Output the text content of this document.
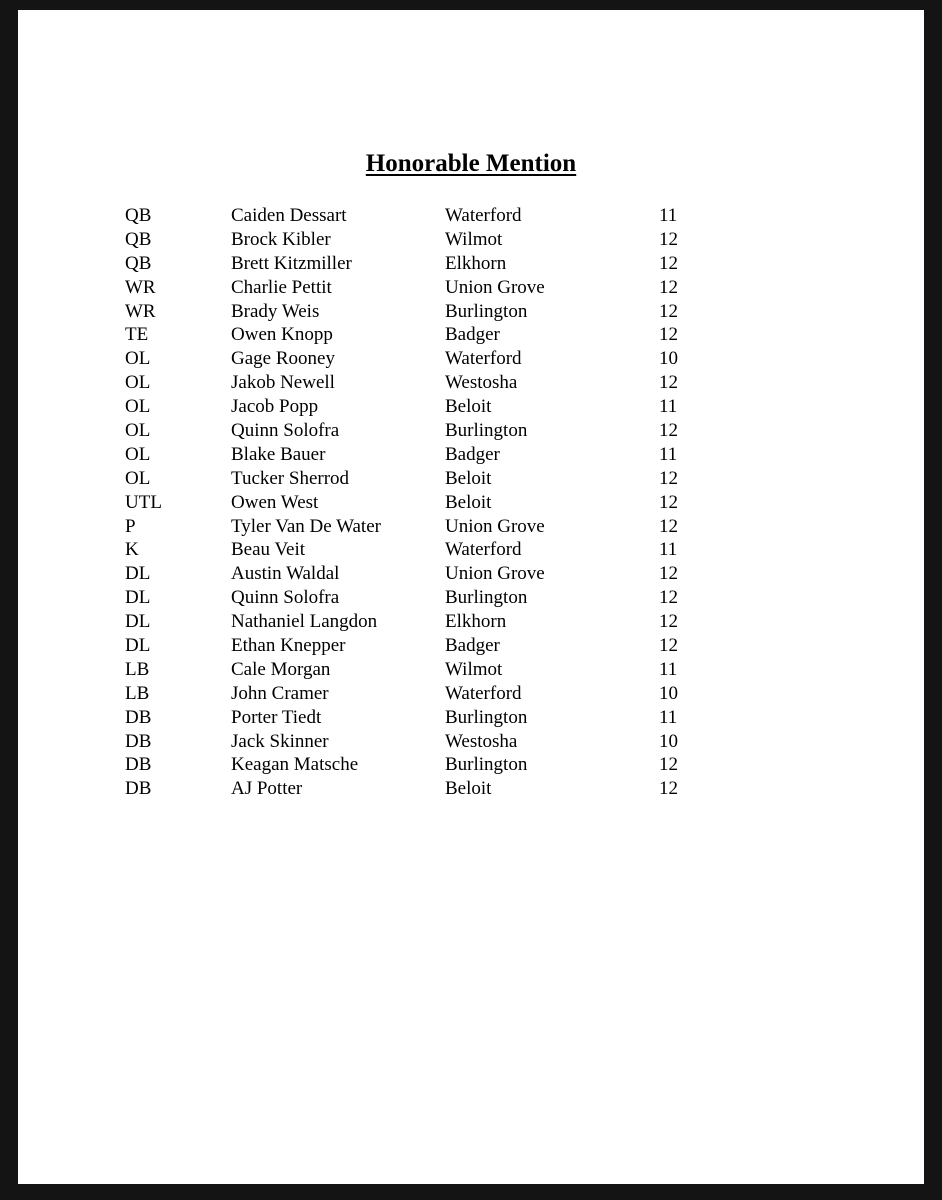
Honorable Mention
QB	Caiden Dessart	Waterford	11
QB	Brock Kibler	Wilmot	12
QB	Brett Kitzmiller	Elkhorn	12
WR	Charlie Pettit	Union Grove	12
WR	Brady Weis	Burlington	12
TE	Owen Knopp	Badger	12
OL	Gage Rooney	Waterford	10
OL	Jakob Newell	Westosha	12
OL	Jacob Popp	Beloit	11
OL	Quinn Solofra	Burlington	12
OL	Blake Bauer	Badger	11
OL	Tucker Sherrod	Beloit	12
UTL	Owen West	Beloit	12
P	Tyler Van De Water	Union Grove	12
K	Beau Veit	Waterford	11
DL	Austin Waldal	Union Grove	12
DL	Quinn Solofra	Burlington	12
DL	Nathaniel Langdon	Elkhorn	12
DL	Ethan Knepper	Badger	12
LB	Cale Morgan	Wilmot	11
LB	John Cramer	Waterford	10
DB	Porter Tiedt	Burlington	11
DB	Jack Skinner	Westosha	10
DB	Keagan Matsche	Burlington	12
DB	AJ Potter	Beloit	12
